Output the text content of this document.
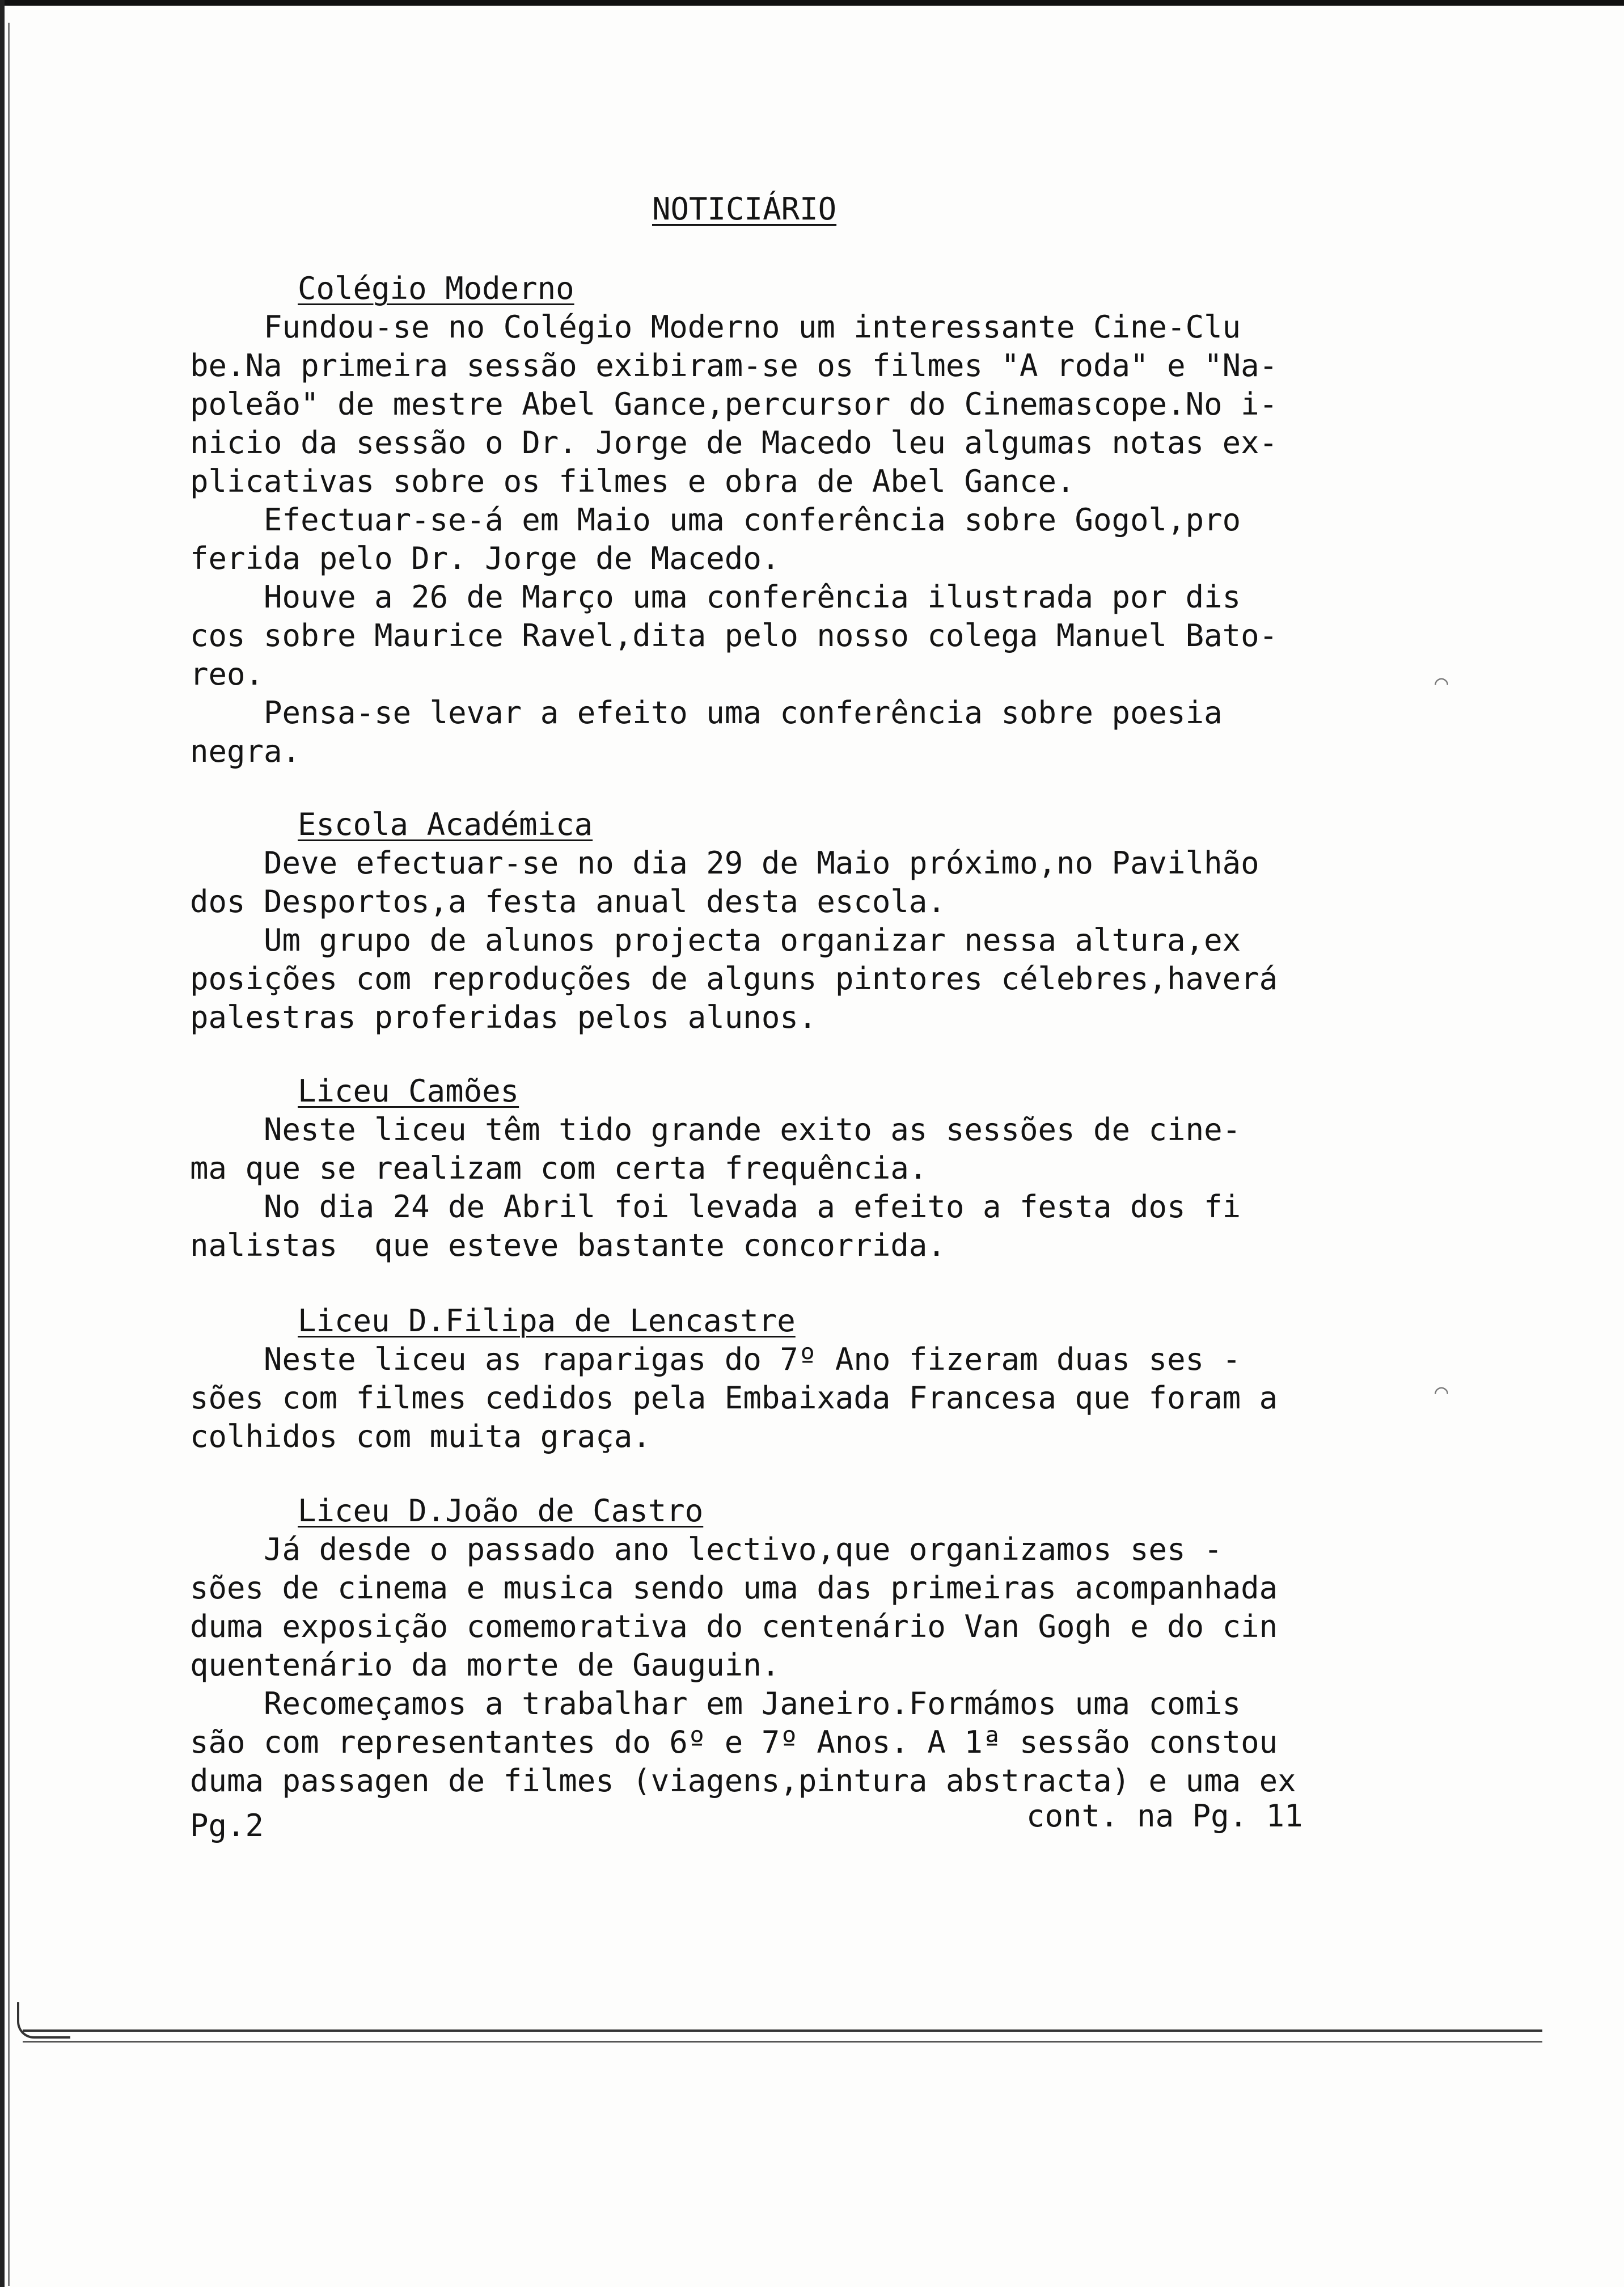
NOTICIÁRIO
Colégio Moderno
Fundou-se no Colégio Moderno um interessante Cine-Clu
be.Na primeira sessão exibiram-se os filmes "A roda" e "Na-
poleão" de mestre Abel Gance,percursor do Cinemascope.No i-
nicio da sessão o Dr. Jorge de Macedo leu algumas notas ex-
plicativas sobre os filmes e obra de Abel Gance.
Efectuar-se-á em Maio uma conferência sobre Gogol,pro
ferida pelo Dr. Jorge de Macedo.
Houve a 26 de Março uma conferência ilustrada por dis
cos sobre Maurice Ravel,dita pelo nosso colega Manuel Bato-
reo.
Pensa-se levar a efeito uma conferência sobre poesia
negra.
Escola Académica
Deve efectuar-se no dia 29 de Maio próximo,no Pavilhão
dos Desportos,a festa anual desta escola.
Um grupo de alunos projecta organizar nessa altura,ex
posições com reproduções de alguns pintores célebres,haverá
palestras proferidas pelos alunos.
Liceu Camões
Neste liceu têm tido grande exito as sessões de cine-
ma que se realizam com certa frequência.
No dia 24 de Abril foi levada a efeito a festa dos fi
nalistas  que esteve bastante concorrida.
Liceu D.Filipa de Lencastre
Neste liceu as raparigas do 7º Ano fizeram duas ses -
sões com filmes cedidos pela Embaixada Francesa que foram a
colhidos com muita graça.
Liceu D.João de Castro
Já desde o passado ano lectivo,que organizamos ses -
sões de cinema e musica sendo uma das primeiras acompanhada
duma exposição comemorativa do centenário Van Gogh e do cin
quentenário da morte de Gauguin.
Recomeçamos a trabalhar em Janeiro.Formámos uma comis
são com representantes do 6º e 7º Anos. A 1ª sessão constou
duma passagen de filmes (viagens,pintura abstracta) e uma ex
Pg.2	cont. na Pg. 11
⌒
⌒
